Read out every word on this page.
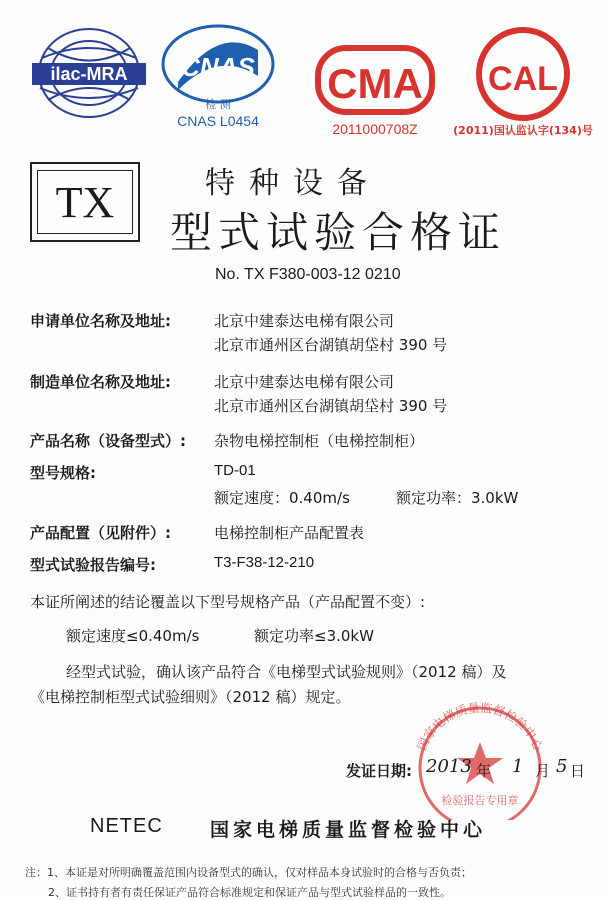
ilac-MRA CNAS
检 测
CNAS L0454
CMA
2011000708Z
CAL
(2011)国认监认字(134)号
TX	特种设备
型式试验合格证
No. TX F380-003-12 0210
申请单位名称及地址:	北京中建泰达电梯有限公司
北京市通州区台湖镇胡垈村 390 号
制造单位名称及地址:	北京中建泰达电梯有限公司
北京市通州区台湖镇胡垈村 390 号
产品名称（设备型式）: 杂物电梯控制柜（电梯控制柜）
型号规格:	TD-01
额定速度：0.40m/s	额定功率：3.0kW
产品配置（见附件）:	电梯控制柜产品配置表
型式试验报告编号:	T3-F38-12-210
本证所阐述的结论覆盖以下型号规格产品（产品配置不变）:
额定速度≤0.40m/s	额定功率≤3.0kW
经型式试验，确认该产品符合《电梯型式试验规则》（2012 稿）及
《电梯控制柜型式试验细则》（2012 稿）规定。
国家电梯质量监督检验中心
检验报告专用章
发证日期: 2013 年 1 月 5 日
NETEC 国家电梯质量监督检验中心
注：1、本证是对所明确覆盖范围内设备型式的确认，仅对样品本身试验时的合格与否负责；
2、证书持有者有责任保证产品符合标准规定和保证产品与型式试验样品的一致性。
